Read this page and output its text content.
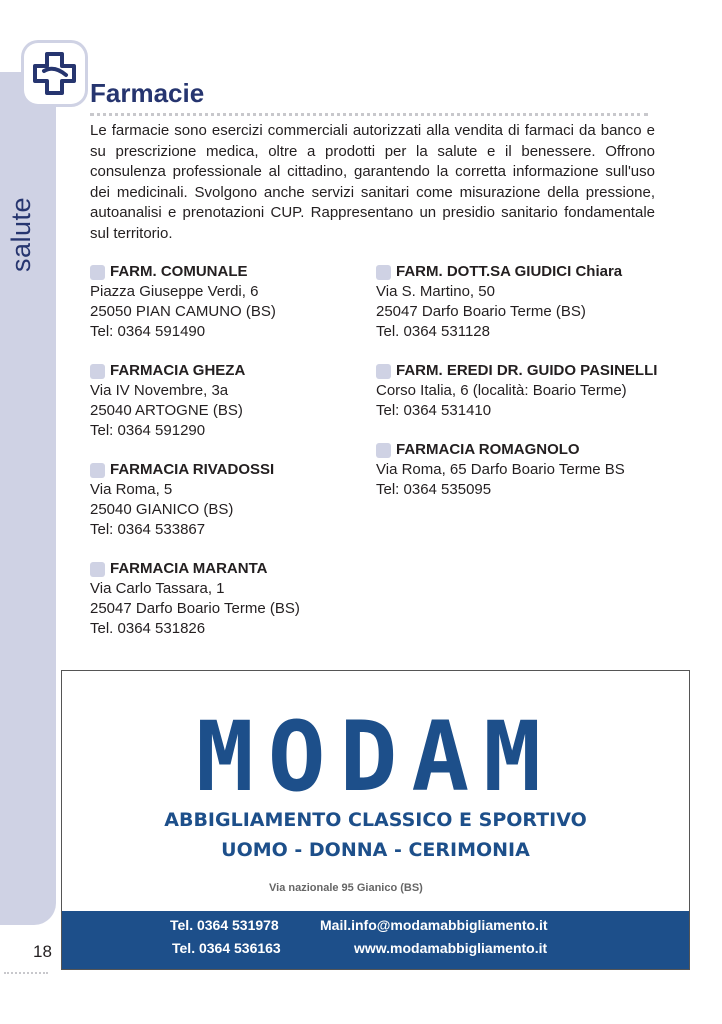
salute
Farmacie
Le farmacie sono esercizi commerciali autorizzati alla vendita di farmaci da banco e su prescrizione medica, oltre a prodotti per la salute e il benessere. Offrono consulenza professionale al cittadino, garantendo la corretta informazione sull'uso dei medicinali. Svolgono anche servizi sanitari come misurazione della pressione, autoanalisi e prenotazioni CUP. Rappresentano un presidio sanitario fondamentale sul territorio.
FARM. COMUNALE
Piazza Giuseppe Verdi, 6
25050 PIAN CAMUNO (BS)
Tel: 0364 591490
FARMACIA GHEZA
Via IV Novembre, 3a
25040 ARTOGNE (BS)
Tel: 0364 591290
FARMACIA RIVADOSSI
Via Roma, 5
25040 GIANICO (BS)
Tel: 0364 533867
FARMACIA MARANTA
Via Carlo Tassara, 1
25047 Darfo Boario Terme (BS)
Tel. 0364 531826
FARM. DOTT.SA GIUDICI Chiara
Via S. Martino, 50
25047 Darfo Boario Terme (BS)
Tel. 0364 531128
FARM. EREDI DR. GUIDO PASINELLI
Corso Italia, 6 (località: Boario Terme)
Tel: 0364 531410
FARMACIA ROMAGNOLO
Via Roma, 65 Darfo Boario Terme BS
Tel: 0364 535095
MODAM
ABBIGLIAMENTO CLASSICO E SPORTIVO
UOMO - DONNA - CERIMONIA
Via nazionale 95 Gianico (BS)
Tel. 0364 531978
Tel. 0364 536163
Mail.info@modamabbigliamento.it
www.modamabbigliamento.it
18
